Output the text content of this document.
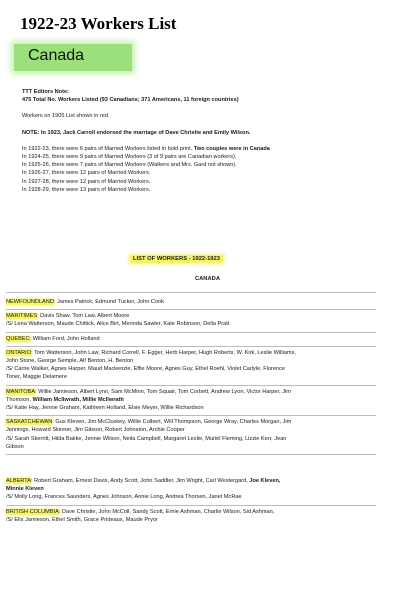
1922-23 Workers List
Canada

TTT Editors Note:

475 Total No. Workers Listed (93 Canadians; 371 Americans, 11 foreign countries)

Workers on 1905 List shown in red

NOTE: In 1923, Jack Carroll endorsed the marriage of Dave Christie and Emily Wilson.

In 1922-23, there were 6 pairs of Married Workers listed in bold print. Two couples were in Canada

In 1924-25, there were 9 pairs of Married Workers (3 of 9 pairs are Canadian workers).

In 1925-26, there were 7 pairs of Married Workers (Walkers and Mrs. Gard not shown).

In 1926-27, there were 12 pairs of Married Workers.

In 1927-28, there were 12 pairs of Married Workers.

In 1928-29, there were 13 pairs of Married Workers.

LIST OF WORKERS - 1922-1923
CANADA
NEWFOUNDLAND: James Patrick, Edmund Tucker, John Cook
MARITIMES: Davis Shaw, Tom Law, Albert Moore
/S/ Lena Watterson, Maude Chittick, Alice Birt, Merinda Sawler, Kate Robinson, Della Pratt
QUEBEC: William Ford, John Holland
ONTARIO: Tom Watterson, John Law, Richard Correll, F. Egger, Herb Harper, Hugh Roberts, W. Kirk, Leslie Williams,
John Stone, George Semple, Alf Benton, H. Benton
/S/ Carrie Walker, Agnes Harper, Maud Mackenzie, Effie Moore, Agnes Guy, Ethel Roehl, Violet Carlyle, Florence
Toner, Maggie Delamere
MANITOBA: Willie Jamieson, Albert Lynn, Sam McMinn, Tom Squair, Tom Corbett, Andrew Lyon, Victor Harper, Jim
Thomson, William McIlwrath, Millie McIlwrath
/S/ Katie Hay, Jennie Graham, Kathleen Holland, Elsie Meyer, Willie Richardson
SASKATCHEWAN: Gus Kleven, Jim McCluskey, Willie Colbert, Will Thompson, George Wray, Charles Morgan, Jim
Jennings, Howard Skinner, Jim Gibson, Robert Johnston, Archie Cooper
/S/ Sarah Skerritt, Hilda Bakke, Jennie Wilson, Neila Campbell, Margaret Leslie, Muriel Fleming, Lizzie Kerr, Jean
Gibson
ALBERTA: Robert Graham, Ernest Davis, Andy Scott, John Saddler, Jim Wright, Carl Westergard, Joe Kleven,
Minnie Kleven
/S/ Molly Long, Frances Saunders, Agnes Johnson, Annie Long, Andrea Thorsen, Janet McRae
BRITISH COLUMBIA: Dave Christie, John McColl, Sandy Scott, Ernie Ashman, Charlie Wilson, Sid Ashman,
/S/ Elis Jamieson, Ethel Smith, Grace Prideaux, Maude Pryor
